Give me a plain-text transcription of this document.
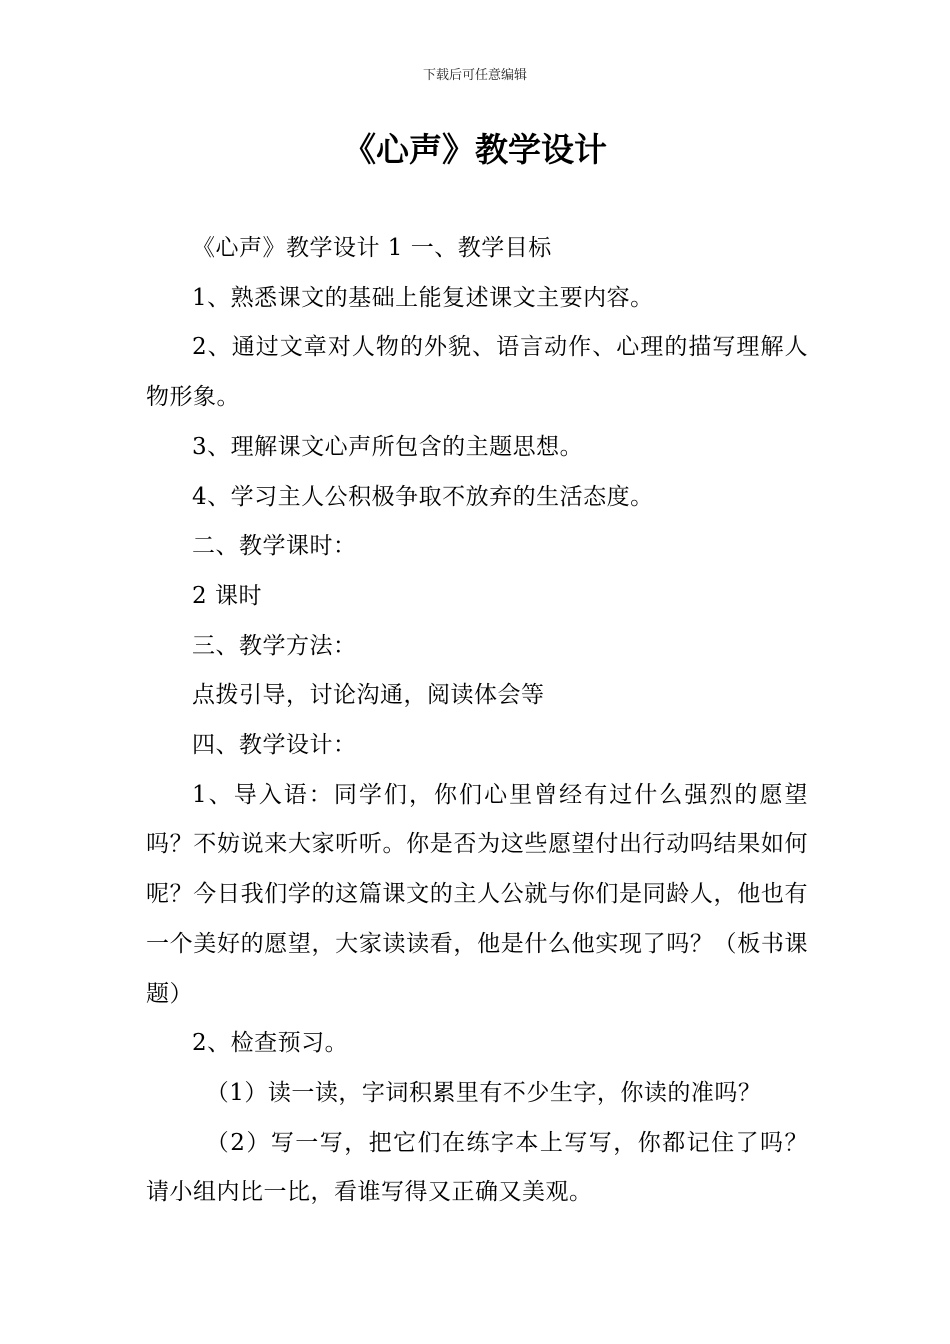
下载后可任意编辑
《心声》教学设计

《心声》教学设计 1 一、教学目标

1、熟悉课文的基础上能复述课文主要内容。

2、通过文章对人物的外貌、语言动作、心理的描写理解人物形象。

3、理解课文心声所包含的主题思想。

4、学习主人公积极争取不放弃的生活态度。

二、教学课时：

2 课时

三、教学方法：

点拨引导，讨论沟通，阅读体会等

四、教学设计：

1、导入语：同学们，你们心里曾经有过什么强烈的愿望吗？不妨说来大家听听。你是否为这些愿望付出行动吗结果如何呢？今日我们学的这篇课文的主人公就与你们是同龄人，他也有一个美好的愿望，大家读读看，他是什么他实现了吗？（板书课题）

2、检查预习。

（1）读一读，字词积累里有不少生字，你读的准吗？

（2）写一写，把它们在练字本上写写，你都记住了吗？请小组内比一比，看谁写得又正确又美观。
